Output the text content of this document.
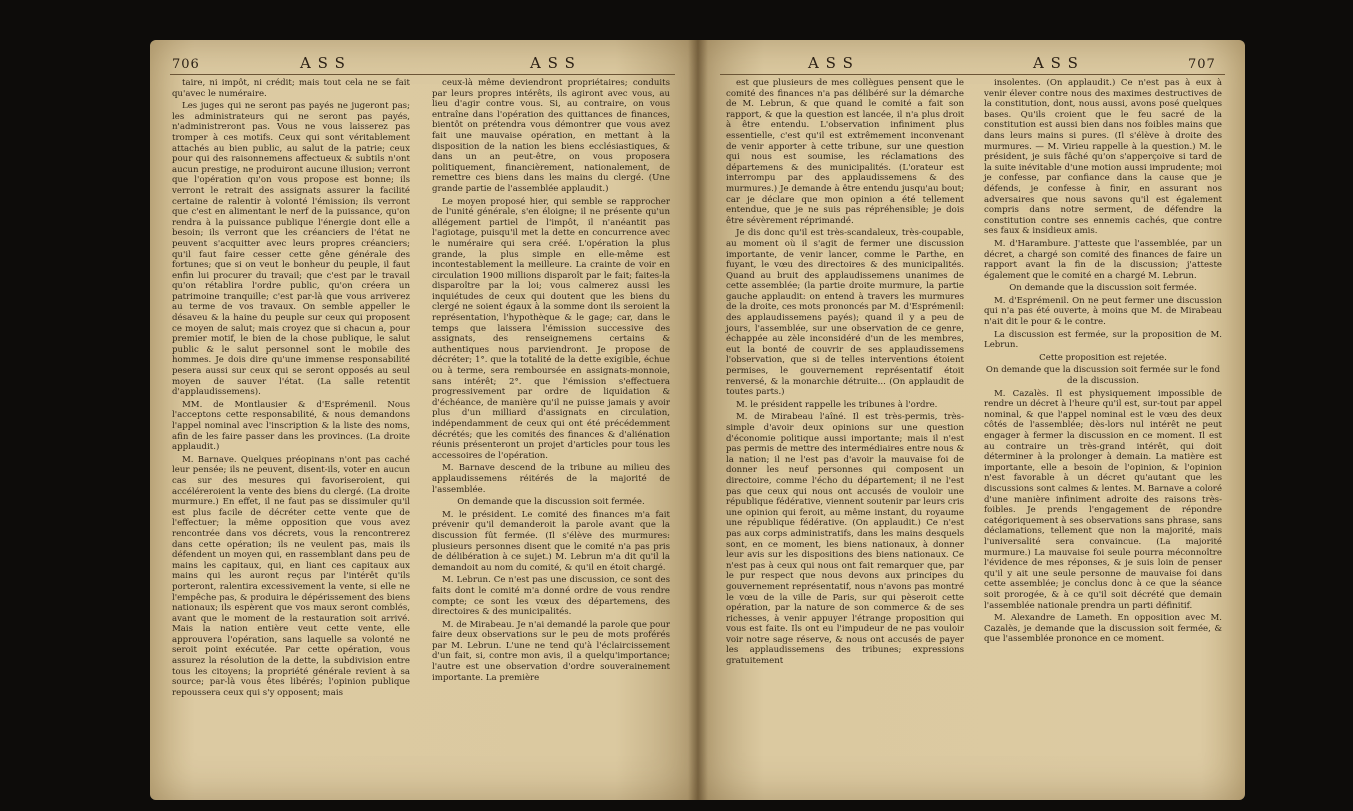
706	A S S	A S S

taire, ni impôt, ni crédit; mais tout cela ne se fait qu'avec le numéraire.

Les juges qui ne seront pas payés ne jugeront pas; les administrateurs qui ne seront pas payés, n'administreront pas. Vous ne vous laisserez pas tromper à ces motifs. Ceux qui sont véritablement attachés au bien public, au salut de la patrie; ceux pour qui des raisonnemens affectueux & subtils n'ont aucun prestige, ne produiront aucune illusion; verront que l'opération qu'on vous propose est bonne; ils verront le retrait des assignats assurer la facilité certaine de ralentir à volonté l'émission; ils verront que c'est en alimentant le nerf de la puissance, qu'on rendra à la puissance publique l'énergie dont elle a besoin; ils verront que les créanciers de l'état ne peuvent s'acquitter avec leurs propres créanciers; qu'il faut faire cesser cette gêne générale des fortunes; que si on veut le bonheur du peuple, il faut enfin lui procurer du travail; que c'est par le travail qu'on rétablira l'ordre public, qu'on créera un patrimoine tranquille; c'est par-là que vous arriverez au terme de vos travaux. On semble appeller le désaveu & la haine du peuple sur ceux qui proposent ce moyen de salut; mais croyez que si chacun a, pour premier motif, le bien de la chose publique, le salut public & le salut personnel sont le mobile des hommes. Je dois dire qu'une immense responsabilité pesera aussi sur ceux qui se seront opposés au seul moyen de sauver l'état. (La salle retentit d'applaudissemens).

MM. de Montlausier & d'Esprémenil. Nous l'acceptons cette responsabilité, & nous demandons l'appel nominal avec l'inscription & la liste des noms, afin de les faire passer dans les provinces. (La droite applaudit.)

M. Barnave. Quelques préopinans n'ont pas caché leur pensée; ils ne peuvent, disent-ils, voter en aucun cas sur des mesures qui favoriseroient, qui accéléreroient la vente des biens du clergé. (La droite murmure.) En effet, il ne faut pas se dissimuler qu'il est plus facile de décréter cette vente que de l'effectuer; la même opposition que vous avez rencontrée dans vos décrets, vous la rencontrerez dans cette opération; ils ne veulent pas, mais ils défendent un moyen qui, en rassemblant dans peu de mains les capitaux, qui, en liant ces capitaux aux mains qui les auront reçus par l'intérêt qu'ils porteront, ralentira excessivement la vente, si elle ne l'empêche pas, & produira le dépérissement des biens nationaux; ils espèrent que vos maux seront comblés, avant que le moment de la restauration soit arrivé. Mais la nation entière veut cette vente, elle approuvera l'opération, sans laquelle sa volonté ne seroit point exécutée. Par cette opération, vous assurez la résolution de la dette, la subdivision entre tous les citoyens; la propriété générale revient à sa source; par-là vous êtes libérés; l'opinion publique repoussera ceux qui s'y opposent; mais

ceux-là même deviendront propriétaires; conduits par leurs propres intérêts, ils agiront avec vous, au lieu d'agir contre vous. Si, au contraire, on vous entraîne dans l'opération des quittances de finances, bientôt on prétendra vous démontrer que vous avez fait une mauvaise opération, en mettant à la disposition de la nation les biens ecclésiastiques, & dans un an peut-être, on vous proposera politiquement, financièrement, nationalement, de remettre ces biens dans les mains du clergé. (Une grande partie de l'assemblée applaudit.)

Le moyen proposé hier, qui semble se rapprocher de l'unité générale, s'en éloigne; il ne présente qu'un allégement partiel de l'impôt, il n'anéantit pas l'agiotage, puisqu'il met la dette en concurrence avec le numéraire qui sera créé. L'opération la plus grande, la plus simple en elle-même est incontestablement la meilleure. La crainte de voir en circulation 1900 millions disparoît par le fait; faites-la disparoître par la loi; vous calmerez aussi les inquiétudes de ceux qui doutent que les biens du clergé ne soient égaux à la somme dont ils seroient la représentation, l'hypothèque & le gage; car, dans le temps que laissera l'émission successive des assignats, des renseignemens certains & authentiques nous parviendront. Je propose de décréter; 1°. que la totalité de la dette exigible, échue ou à terme, sera remboursée en assignats-monnoie, sans intérêt; 2°. que l'émission s'effectuera progressivement par ordre de liquidation & d'échéance, de manière qu'il ne puisse jamais y avoir plus d'un milliard d'assignats en circulation, indépendamment de ceux qui ont été précédemment décrétés; que les comités des finances & d'aliénation réunis présenteront un projet d'articles pour tous les accessoires de l'opération.

M. Barnave descend de la tribune au milieu des applaudissemens réitérés de la majorité de l'assemblée.

On demande que la discussion soit fermée.

M. le président. Le comité des finances m'a fait prévenir qu'il demanderoit la parole avant que la discussion fût fermée. (Il s'élève des murmures: plusieurs personnes disent que le comité n'a pas pris de délibération à ce sujet.) M. Lebrun m'a dit qu'il la demandoit au nom du comité, & qu'il en étoit chargé.

M. Lebrun. Ce n'est pas une discussion, ce sont des faits dont le comité m'a donné ordre de vous rendre compte; ce sont les vœux des départemens, des directoires & des municipalités.

M. de Mirabeau. Je n'ai demandé la parole que pour faire deux observations sur le peu de mots proférés par M. Lebrun. L'une ne tend qu'à l'éclaircissement d'un fait, si, contre mon avis, il a quelqu'importance; l'autre est une observation d'ordre souverainement importante. La première

A S S	A S S	707

est que plusieurs de mes collègues pensent que le comité des finances n'a pas délibéré sur la démarche de M. Lebrun, & que quand le comité a fait son rapport, & que la question est lancée, il n'a plus droit à être entendu. L'observation infiniment plus essentielle, c'est qu'il est extrêmement inconvenant de venir apporter à cette tribune, sur une question qui nous est soumise, les réclamations des départemens & des municipalités. (L'orateur est interrompu par des applaudissemens & des murmures.) Je demande à être entendu jusqu'au bout; car je déclare que mon opinion a été tellement entendue, que je ne suis pas répréhensible; je dois être sévèrement réprimandé.

Je dis donc qu'il est très-scandaleux, très-coupable, au moment où il s'agit de fermer une discussion importante, de venir lancer, comme le Parthe, en fuyant, le vœu des directoires & des municipalités. Quand au bruit des applaudissemens unanimes de cette assemblée; (la partie droite murmure, la partie gauche applaudit: on entend à travers les murmures de la droite, ces mots prononcés par M. d'Esprémenil: des applaudissemens payés); quand il y a peu de jours, l'assemblée, sur une observation de ce genre, échappée au zèle inconsidéré d'un de les membres, eut la bonté de couvrir de ses applaudissemens l'observation, que si de telles interventions étoient permises, le gouvernement représentatif étoit renversé, & la monarchie détruite... (On applaudit de toutes parts.)

M. le président rappelle les tribunes à l'ordre.

M. de Mirabeau l'aîné. Il est très-permis, très-simple d'avoir deux opinions sur une question d'économie politique aussi importante; mais il n'est pas permis de mettre des intermédiaires entre nous & la nation; il ne l'est pas d'avoir la mauvaise foi de donner les neuf personnes qui composent un directoire, comme l'écho du département; il ne l'est pas que ceux qui nous ont accusés de vouloir une république fédérative, viennent soutenir par leurs cris une opinion qui feroit, au même instant, du royaume une république fédérative. (On applaudit.) Ce n'est pas aux corps administratifs, dans les mains desquels sont, en ce moment, les biens nationaux, à donner leur avis sur les dispositions des biens nationaux. Ce n'est pas à ceux qui nous ont fait remarquer que, par le pur respect que nous devons aux principes du gouvernement représentatif, nous n'avons pas montré le vœu de la ville de Paris, sur qui pèseroit cette opération, par la nature de son commerce & de ses richesses, à venir appuyer l'étrange proposition qui vous est faite. Ils ont eu l'impudeur de ne pas vouloir voir notre sage réserve, & nous ont accusés de payer les applaudissemens des tribunes; expressions gratuitement

insolentes. (On applaudit.) Ce n'est pas à eux à venir élever contre nous des maximes destructives de la constitution, dont, nous aussi, avons posé quelques bases. Qu'ils croient que le feu sacré de la constitution est aussi bien dans nos foibles mains que dans leurs mains si pures. (Il s'élève à droite des murmures. — M. Virieu rappelle à la question.) M. le président, je suis fâché qu'on s'apperçoive si tard de la suite inévitable d'une motion aussi imprudente; moi je confesse, par confiance dans la cause que je défends, je confesse à finir, en assurant nos adversaires que nous savons qu'il est également compris dans notre serment, de défendre la constitution contre ses ennemis cachés, que contre ses faux & insidieux amis.

M. d'Harambure. J'atteste que l'assemblée, par un décret, a chargé son comité des finances de faire un rapport avant la fin de la discussion; j'atteste également que le comité en a chargé M. Lebrun.

On demande que la discussion soit fermée.

M. d'Esprémenil. On ne peut fermer une discussion qui n'a pas été ouverte, à moins que M. de Mirabeau n'ait dit le pour & le contre.

La discussion est fermée, sur la proposition de M. Lebrun.

Cette proposition est rejetée.

On demande que la discussion soit fermée sur le fond de la discussion.

M. Cazalès. Il est physiquement impossible de rendre un décret à l'heure qu'il est, sur-tout par appel nominal, & que l'appel nominal est le vœu des deux côtés de l'assemblée; dès-lors nul intérêt ne peut engager à fermer la discussion en ce moment. Il est au contraire un très-grand intérêt, qui doit déterminer à la prolonger à demain. La matière est importante, elle a besoin de l'opinion, & l'opinion n'est favorable à un décret qu'autant que les discussions sont calmes & lentes. M. Barnave a coloré d'une manière infiniment adroite des raisons très-foibles. Je prends l'engagement de répondre catégoriquement à ses observations sans phrase, sans déclamations, tellement que non la majorité, mais l'universalité sera convaincue. (La majorité murmure.) La mauvaise foi seule pourra méconnoître l'évidence de mes réponses, & je suis loin de penser qu'il y ait une seule personne de mauvaise foi dans cette assemblée; je conclus donc à ce que la séance soit prorogée, & à ce qu'il soit décrété que demain l'assemblée nationale prendra un parti définitif.

M. Alexandre de Lameth. En opposition avec M. Cazalès, je demande que la discussion soit fermée, & que l'assemblée prononce en ce moment.
